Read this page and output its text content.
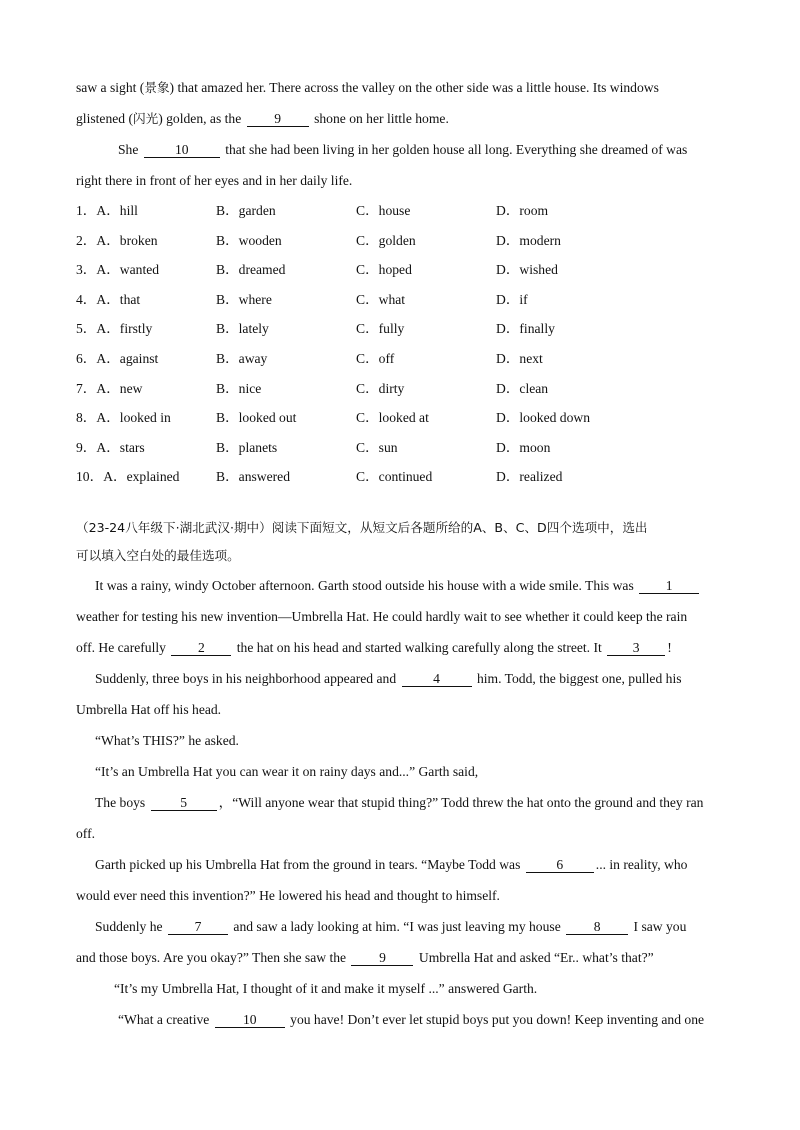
saw a sight (景象) that amazed her. There across the valley on the other side was a little house. Its windows
glistened (闪光) golden, as the 9 shone on her little home.
She	10	that she had been living in her golden house all long. Everything she dreamed of was
right there in front of her eyes and in her daily life.
1．A．hill	B．garden	C．house	D．room
2．A．broken	B．wooden	C．golden	D．modern
3．A．wanted	B．dreamed	C．hoped	D．wished
4．A．that	B．where	C．what	D．if
5．A．firstly	B．lately	C．fully	D．finally
6．A．against	B．away	C．off	D．next
7．A．new	B．nice	C．dirty	D．clean
8．A．looked in	B．looked out	C．looked at	D．looked down
9．A．stars	B．planets	C．sun	D．moon
10．A．explained	B．answered	C．continued	D．realized
（23-24八年级下·湖北武汉·期中）阅读下面短文，从短文后各题所给的A、B、C、D四个选项中，选出
可以填入空白处的最佳选项。
It was a rainy, windy October afternoon. Garth stood outside his house with a wide smile. This was 1
weather for testing his new invention—Umbrella Hat. He could hardly wait to see whether it could keep the rain
off. He carefully 2 the hat on his head and started walking carefully along the street. It 3 !
Suddenly, three boys in his neighborhood appeared and	4	him. Todd, the biggest one, pulled his
Umbrella Hat off his head.
“What’s THIS?” he asked.
“It’s an Umbrella Hat you can wear it on rainy days and...” Garth said,
The boys	5 ，“Will anyone wear that stupid thing?” Todd threw the hat onto the ground and they ran
off.
Garth picked up his Umbrella Hat from the ground in tears. “Maybe Todd was	6 ... in reality, who
would ever need this invention?” He lowered his head and thought to himself.
Suddenly he 7 and saw a lady looking at him. “I was just leaving my house 8 I saw you
and those boys. Are you okay?” Then she saw the 9 Umbrella Hat and asked “Er.. what’s that?”
“It’s my Umbrella Hat, I thought of it and make it myself ...” answered Garth.
“What a creative 10 you have! Don’t ever let stupid boys put you down! Keep inventing and one
